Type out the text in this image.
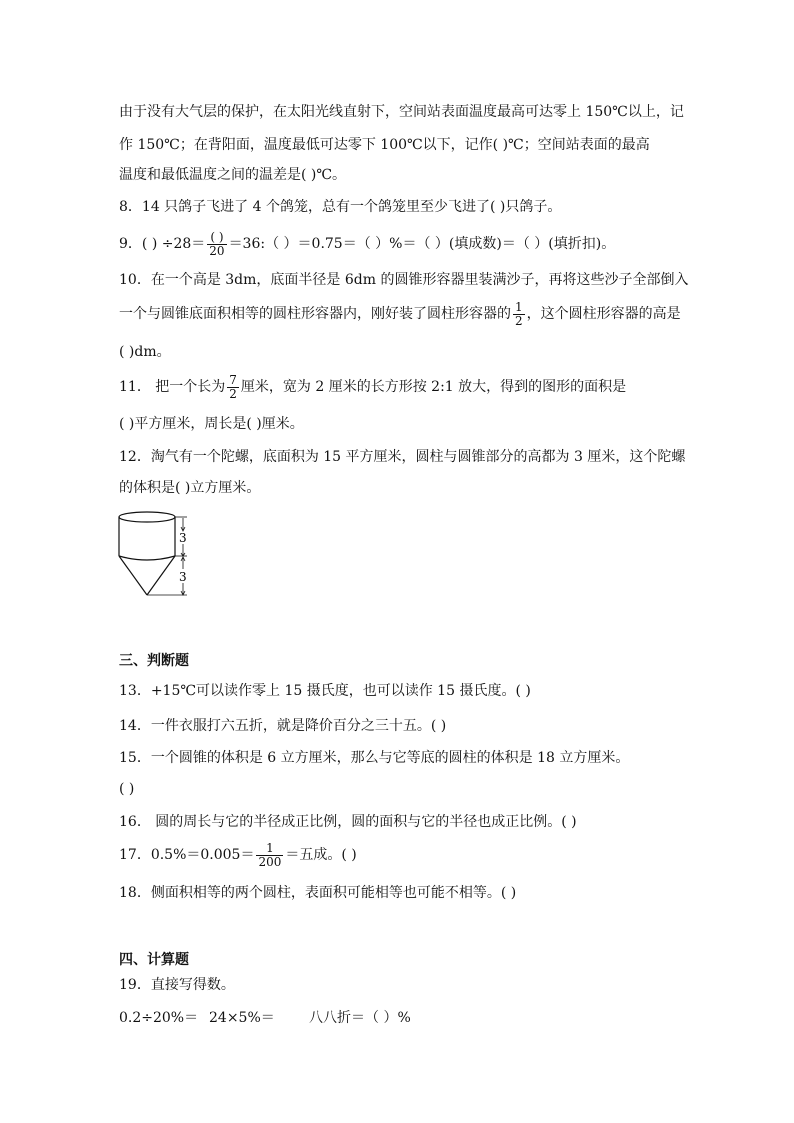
由于没有大气层的保护，在太阳光线直射下，空间站表面温度最高可达零上 150℃以上，记
作 150℃；在背阳面，温度最低可达零下 100℃以下，记作( )℃；空间站表面的最高
温度和最低温度之间的温差是( )℃。
8．14 只鸽子飞进了 4 个鸽笼，总有一个鸽笼里至少飞进了( )只鸽子。
9．( ) $\div 28= \frac{( )}{20}$ ＝36:（ ）＝0.75＝（ ）%＝（ ）(填成数)＝（ ）(填折扣)。
10．在一个高是 3dm，底面半径是 6dm 的圆锥形容器里装满沙子，再将这些沙子全部倒入
一个与圆锥底面积相等的圆柱形容器内，刚好装了圆柱形容器的 $\frac{1}{2}$ ，这个圆柱形容器的高是
( )dm。
11． 把一个长为 $\frac{7}{2}$ 厘米，宽为 2 厘米的长方形按 2:1 放大，得到的图形的面积是
( )平方厘米，周长是( )厘米。
12．淘气有一个陀螺，底面积为 15 平方厘米，圆柱与圆锥部分的高都为 3 厘米，这个陀螺
的体积是( )立方厘米。
3
3
三、判断题
13．+15℃可以读作零上 15 摄氏度，也可以读作 15 摄氏度。( )
14．一件衣服打六五折，就是降价百分之三十五。( )
15．一个圆锥的体积是 6 立方厘米，那么与它等底的圆柱的体积是 18 立方厘米。
( )
16． 圆的周长与它的半径成正比例，圆的面积与它的半径也成正比例。( )
17．$0.5\%=0.005= \frac{1}{200}$ ＝五成。( )
18．侧面积相等的两个圆柱，表面积可能相等也可能不相等。( )
四、计算题
19．直接写得数。
0.2÷20%＝ 24×5%＝ 八八折＝（ ）%
